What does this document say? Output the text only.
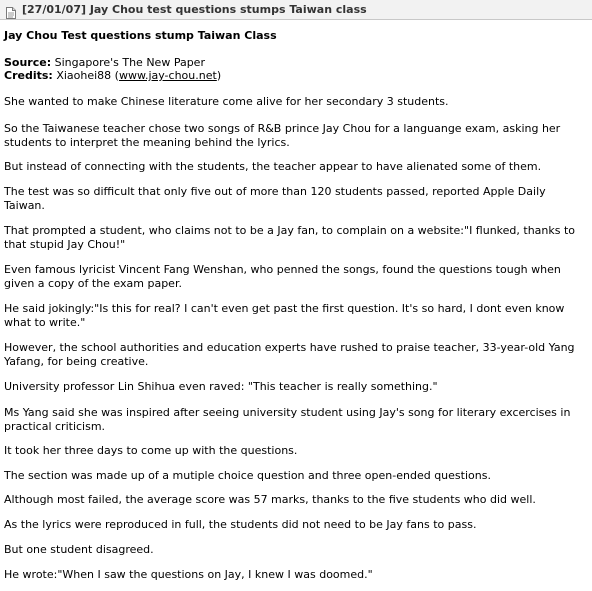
[27/01/07] Jay Chou test questions stumps Taiwan class
Jay Chou Test questions stump Taiwan Class
Source: Singapore's The New Paper
Credits: Xiaohei88 (www.jay-chou.net)

She wanted to make Chinese literature come alive for her secondary 3 students.

So the Taiwanese teacher chose two songs of R&B prince Jay Chou for a languange exam, asking her students to interpret the meaning behind the lyrics.

But instead of connecting with the students, the teacher appear to have alienated some of them.

The test was so difficult that only five out of more than 120 students passed, reported Apple Daily Taiwan.

That prompted a student, who claims not to be a Jay fan, to complain on a website:"I flunked, thanks to that stupid Jay Chou!"

Even famous lyricist Vincent Fang Wenshan, who penned the songs, found the questions tough when given a copy of the exam paper.

He said jokingly:"Is this for real? I can't even get past the first question. It's so hard, I dont even know what to write."

However, the school authorities and education experts have rushed to praise teacher, 33-year-old Yang Yafang, for being creative.

University professor Lin Shihua even raved: "This teacher is really something."

Ms Yang said she was inspired after seeing university student using Jay's song for literary excercises in practical criticism.

It took her three days to come up with the questions.

The section was made up of a mutiple choice question and three open-ended questions.

Although most failed, the average score was 57 marks, thanks to the five students who did well.

As the lyrics were reproduced in full, the students did not need to be Jay fans to pass.

But one student disagreed.

He wrote:"When I saw the questions on Jay, I knew I was doomed."
